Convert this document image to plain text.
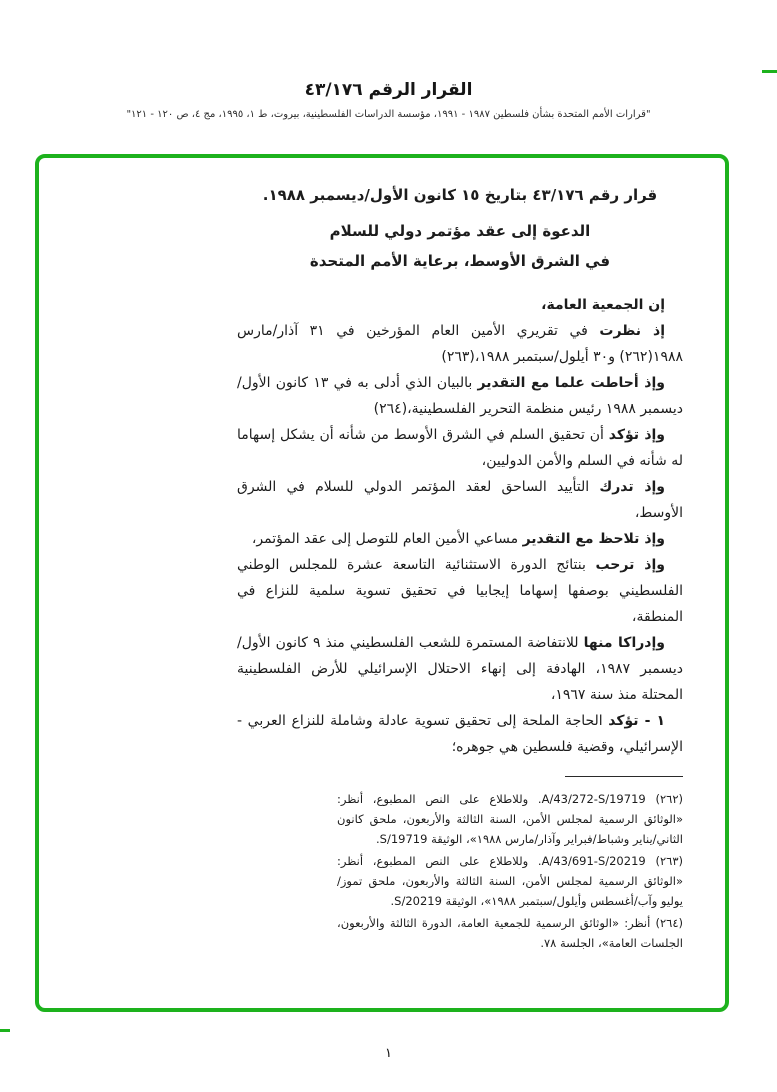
القرار الرقم ٤٣/١٧٦
"قرارات الأمم المتحدة بشأن فلسطين ١٩٨٧ - ١٩٩١، مؤسسة الدراسات الفلسطينية، بيروت، ط ١، ١٩٩٥، مج ٤، ص ١٢٠ - ١٢١"
قرار رقم ٤٣/١٧٦ بتاريخ ١٥ كانون الأول/ديسمبر ١٩٨٨.
الدعوة إلى عقد مؤتمر دولي للسلام
في الشرق الأوسط، برعاية الأمم المتحدة

إن الجمعية العامة،

إذ نظرت في تقريري الأمين العام المؤرخين في ٣١ آذار/مارس ١٩٨٨(٢٦٢) و٣٠ أيلول/سبتمبر ١٩٨٨،(٢٦٣)

وإذ أحاطت علما مع التقدير بالبيان الذي أدلى به في ١٣ كانون الأول/ديسمبر ١٩٨٨ رئيس منظمة التحرير الفلسطينية،(٢٦٤)

وإذ تؤكد أن تحقيق السلم في الشرق الأوسط من شأنه أن يشكل إسهاما له شأنه في السلم والأمن الدوليين،

وإذ تدرك التأييد الساحق لعقد المؤتمر الدولي للسلام في الشرق الأوسط،

وإذ تلاحظ مع التقدير مساعي الأمين العام للتوصل إلى عقد المؤتمر،

وإذ ترحب بنتائج الدورة الاستثنائية التاسعة عشرة للمجلس الوطني الفلسطيني بوصفها إسهاما إيجابيا في تحقيق تسوية سلمية للنزاع في المنطقة،

وإدراكا منها للانتفاضة المستمرة للشعب الفلسطيني منذ ٩ كانون الأول/ديسمبر ١٩٨٧، الهادفة إلى إنهاء الاحتلال الإسرائيلي للأرض الفلسطينية المحتلة منذ سنة ١٩٦٧،

١ - تؤكد الحاجة الملحة إلى تحقيق تسوية عادلة وشاملة للنزاع العربي - الإسرائيلي، وقضية فلسطين هي جوهره؛

(٢٦٢) A/43/272-S/19719. وللاطلاع على النص المطبوع، أنظر: «الوثائق الرسمية لمجلس الأمن، السنة الثالثة والأربعون، ملحق كانون الثاني/يناير وشباط/فبراير وآذار/مارس ١٩٨٨»، الوثيقة S/19719.

(٢٦٣) A/43/691-S/20219. وللاطلاع على النص المطبوع، أنظر: «الوثائق الرسمية لمجلس الأمن، السنة الثالثة والأربعون، ملحق تموز/يوليو وآب/أغسطس وأيلول/سبتمبر ١٩٨٨»، الوثيقة S/20219.

(٢٦٤) أنظر: «الوثائق الرسمية للجمعية العامة، الدورة الثالثة والأربعون، الجلسات العامة»، الجلسة ٧٨.

١
